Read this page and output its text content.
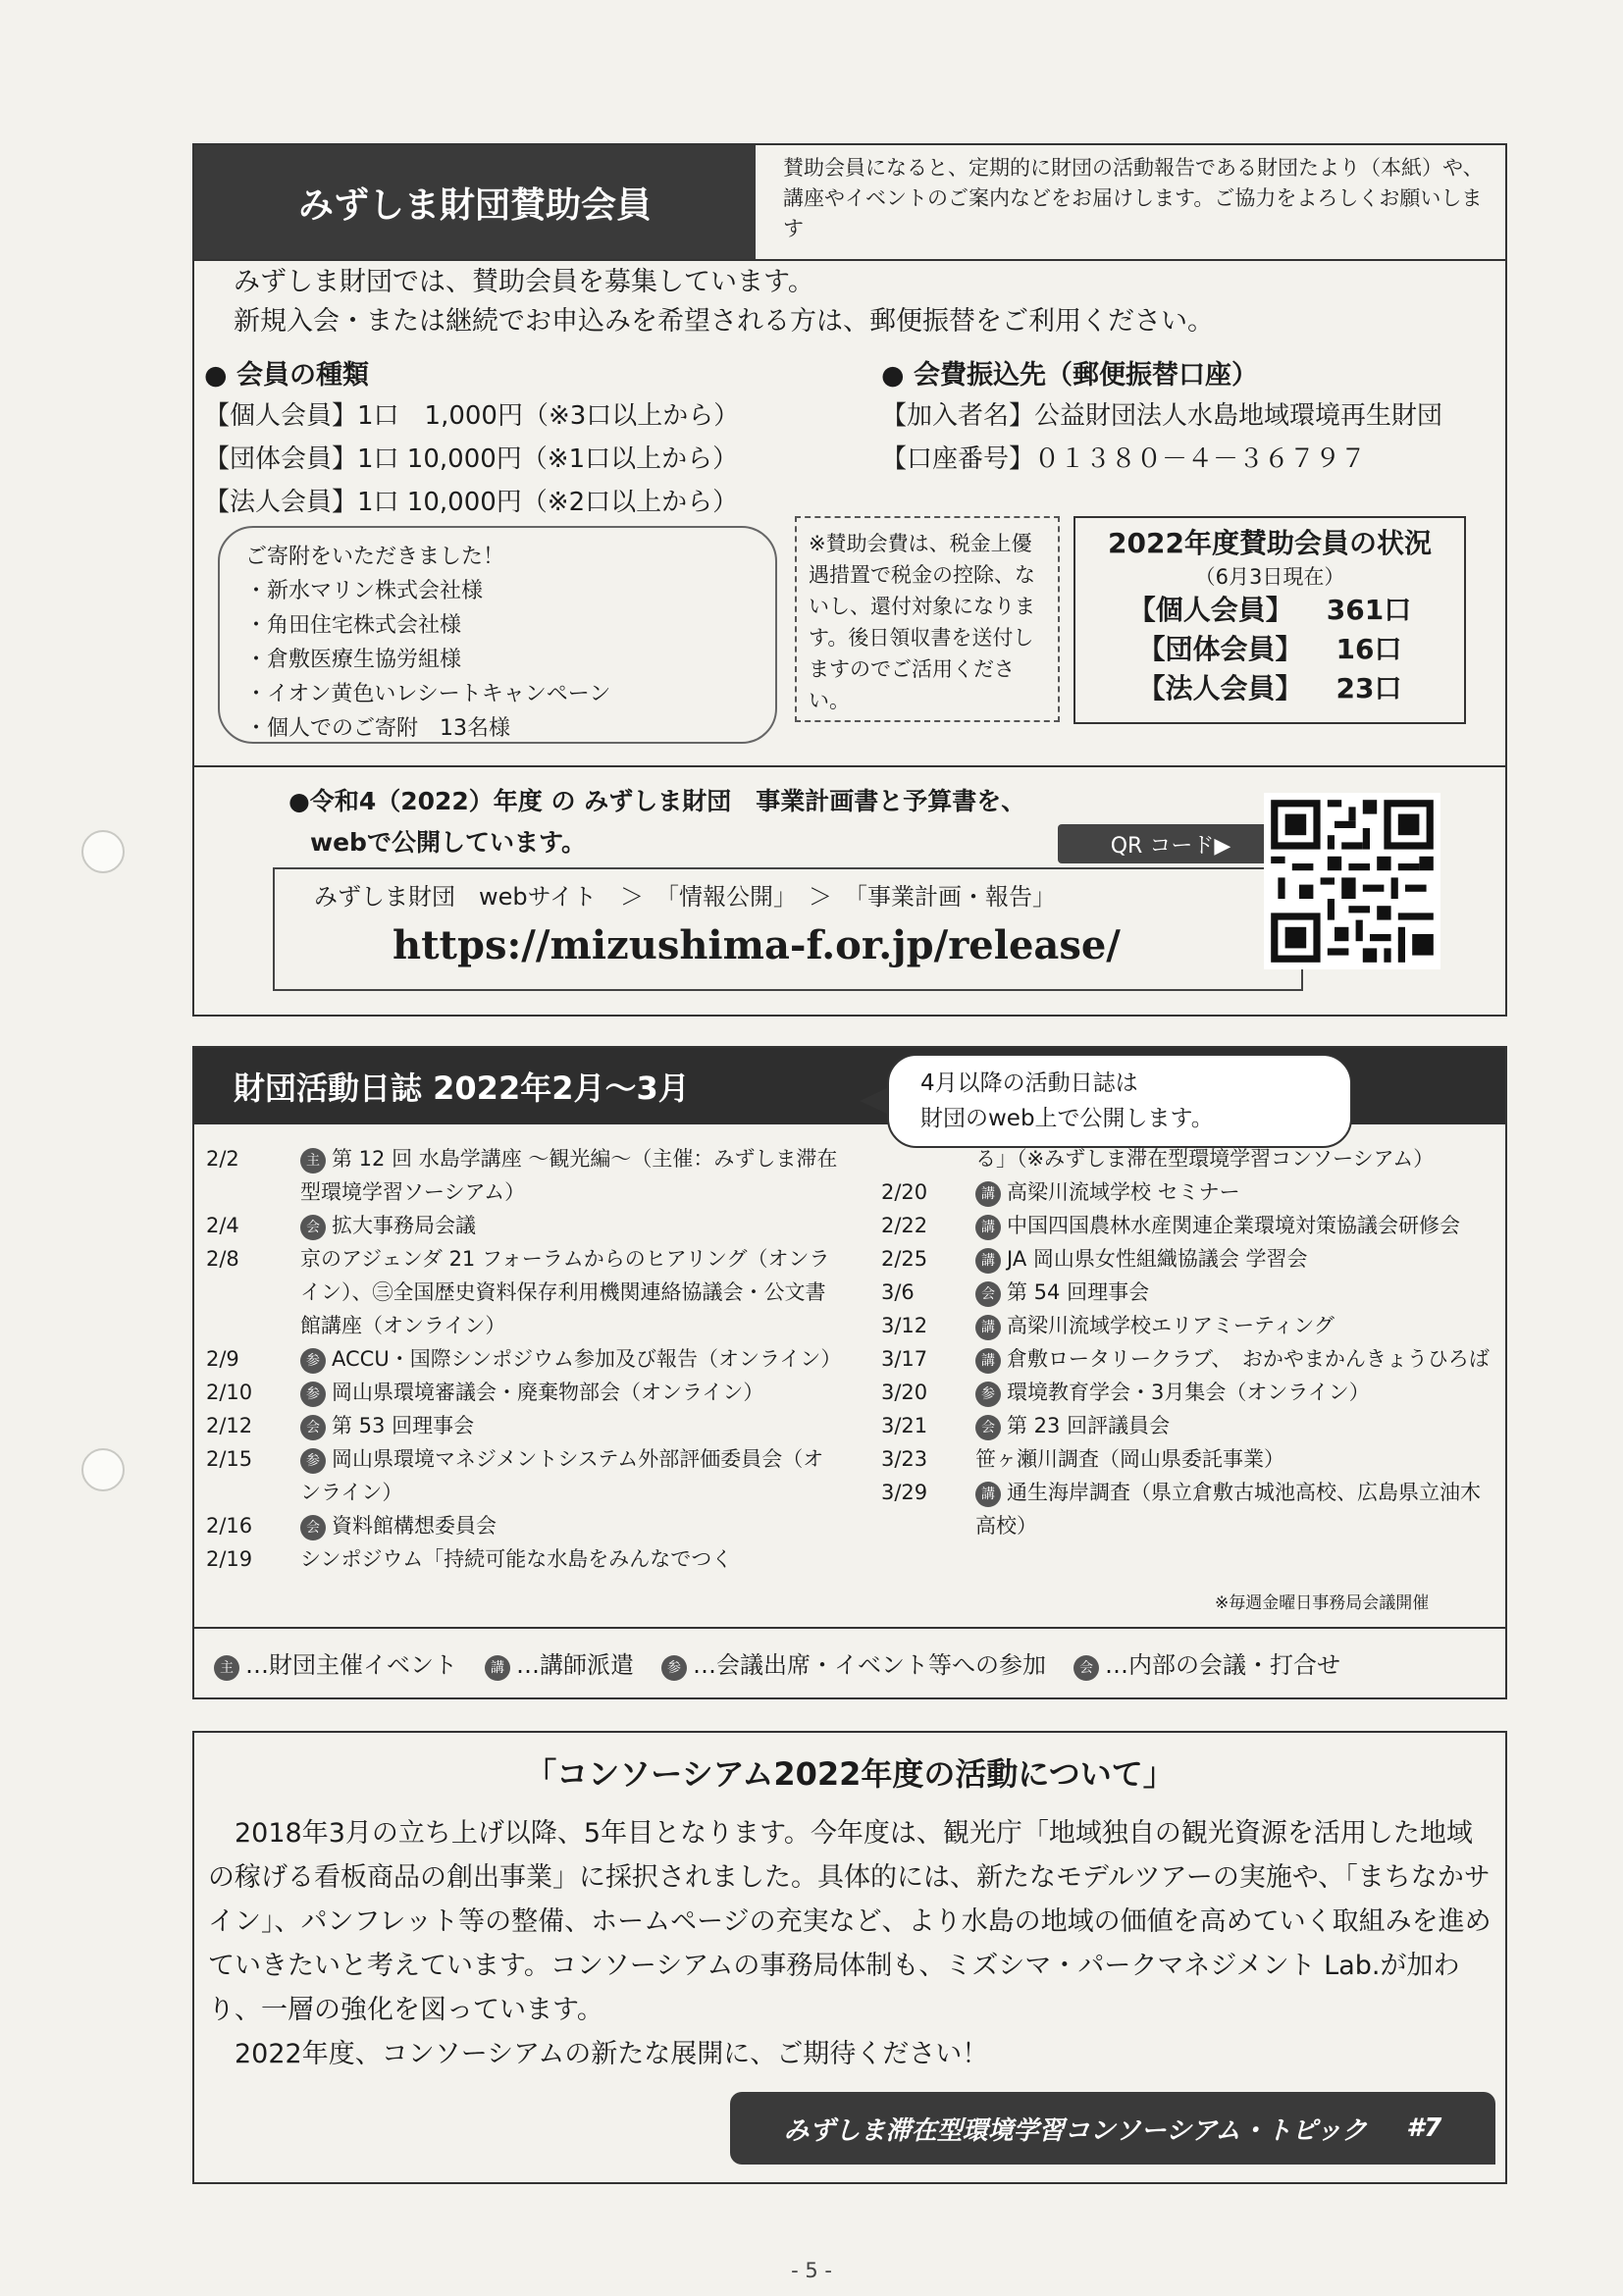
みずしま財団賛助会員
賛助会員になると、定期的に財団の活動報告である財団たより（本紙）や、講座やイベントのご案内などをお届けします。ご協力をよろしくお願いします
みずしま財団では、賛助会員を募集しています。
新規入会・または継続でお申込みを希望される方は、郵便振替をご利用ください。
● 会員の種類
【個人会員】1口　1,000円（※3口以上から）
【団体会員】1口 10,000円（※1口以上から）
【法人会員】1口 10,000円（※2口以上から）
● 会費振込先（郵便振替口座）
【加入者名】公益財団法人水島地域環境再生財団
【口座番号】０１３８０－４－３６７９７
ご寄附をいただきました！
・新水マリン株式会社様
・角田住宅株式会社様
・倉敷医療生協労組様
・イオン黄色いレシートキャンペーン
・個人でのご寄附　13名様
※賛助会費は、税金上優遇措置で税金の控除、ないし、還付対象になります。後日領収書を送付しますのでご活用ください。
2022年度賛助会員の状況
（6月3日現在）
【個人会員】 361口
【団体会員】 16口
【法人会員】 23口
●令和4（2022）年度 の みずしま財団　事業計画書と予算書を、
webで公開しています。	QR コード▶
みずしま財団　webサイト　＞　「情報公開」　＞　「事業計画・報告」
https://mizushima-f.or.jp/release/
財団活動日誌 2022年2月～3月	4月以降の活動日誌は
財団のweb上で公開します。
2/2	主 第 12 回 水島学講座 ～観光編～（主催：みずしま滞在型環境学習ソーシアム）
2/4	会 拡大事務局会議
2/8	京のアジェンダ 21 フォーラムからのヒアリング（オンライン）、㊂全国歴史資料保存利用機関連絡協議会・公文書館講座（オンライン）
2/9	参 ACCU・国際シンポジウム参加及び報告（オンライン）
2/10	参 岡山県環境審議会・廃棄物部会（オンライン）
2/12	会 第 53 回理事会
2/15	参 岡山県環境マネジメントシステム外部評価委員会（オンライン）
2/16	会 資料館構想委員会
2/19	シンポジウム「持続可能な水島をみんなでつく
る」（※みずしま滞在型環境学習コンソーシアム）
2/20	講 高梁川流域学校 セミナー
2/22	講 中国四国農林水産関連企業環境対策協議会研修会
2/25	講 JA 岡山県女性組織協議会 学習会
3/6	会 第 54 回理事会
3/12	講 高梁川流域学校エリアミーティング
3/17	講 倉敷ロータリークラブ、　おかやまかんきょうひろば
3/20	参 環境教育学会・3月集会（オンライン）
3/21	会 第 23 回評議員会
3/23	笹ヶ瀬川調査（岡山県委託事業）
3/29	講 通生海岸調査（県立倉敷古城池高校、広島県立油木高校）
※毎週金曜日事務局会議開催
主 …財団主催イベント	講 …講師派遣	参 …会議出席・イベント等への参加	会 …内部の会議・打合せ
「コンソーシアム2022年度の活動について」
　2018年3月の立ち上げ以降、5年目となります。今年度は、観光庁「地域独自の観光資源を活用した地域の稼げる看板商品の創出事業」に採択されました。具体的には、新たなモデルツアーの実施や、「まちなかサイン」、パンフレット等の整備、ホームページの充実など、より水島の地域の価値を高めていく取組みを進めていきたいと考えています。コンソーシアムの事務局体制も、ミズシマ・パークマネジメント Lab.が加わり、一層の強化を図っています。
　2022年度、コンソーシアムの新たな展開に、ご期待ください！
みずしま滞在型環境学習コンソーシアム・トピック #7
- 5 -
